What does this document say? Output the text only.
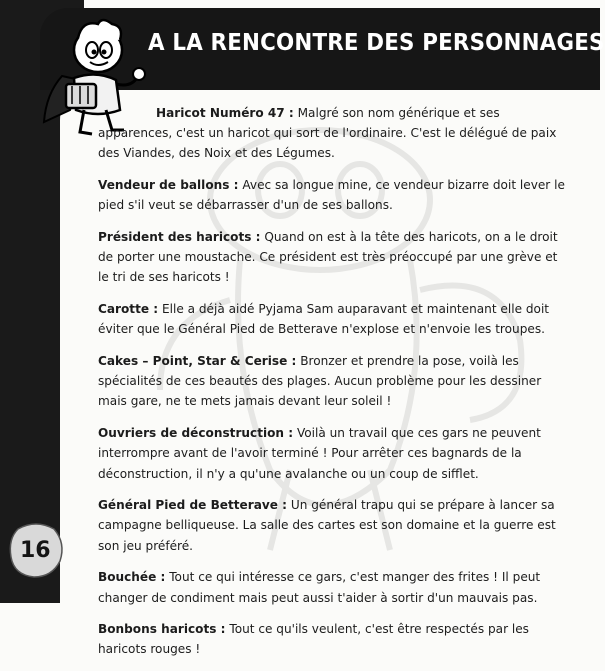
A LA RENCONTRE DES PERSONNAGES

Haricot Numéro 47 : Malgré son nom générique et ses apparences, c'est un haricot qui sort de l'ordinaire. C'est le délégué de paix des Viandes, des Noix et des Légumes.

Vendeur de ballons : Avec sa longue mine, ce vendeur bizarre doit lever le pied s'il veut se débarrasser d'un de ses ballons.

Président des haricots : Quand on est à la tête des haricots, on a le droit de porter une moustache. Ce président est très préoccupé par une grève et le tri de ses haricots !

Carotte : Elle a déjà aidé Pyjama Sam auparavant et maintenant elle doit éviter que le Général Pied de Betterave n'explose et n'envoie les troupes.

Cakes – Point, Star & Cerise : Bronzer et prendre la pose, voilà les spécialités de ces beautés des plages. Aucun problème pour les dessiner mais gare, ne te mets jamais devant leur soleil !

Ouvriers de déconstruction : Voilà un travail que ces gars ne peuvent interrompre avant de l'avoir terminé ! Pour arrêter ces bagnards de la déconstruction, il n'y a qu'une avalanche ou un coup de sifflet.

Général Pied de Betterave : Un général trapu qui se prépare à lancer sa campagne belliqueuse. La salle des cartes est son domaine et la guerre est son jeu préféré.

Bouchée : Tout ce qui intéresse ce gars, c'est manger des frites ! Il peut changer de condiment mais peut aussi t'aider à sortir d'un mauvais pas.

Bonbons haricots : Tout ce qu'ils veulent, c'est être respectés par les haricots rouges !

16
